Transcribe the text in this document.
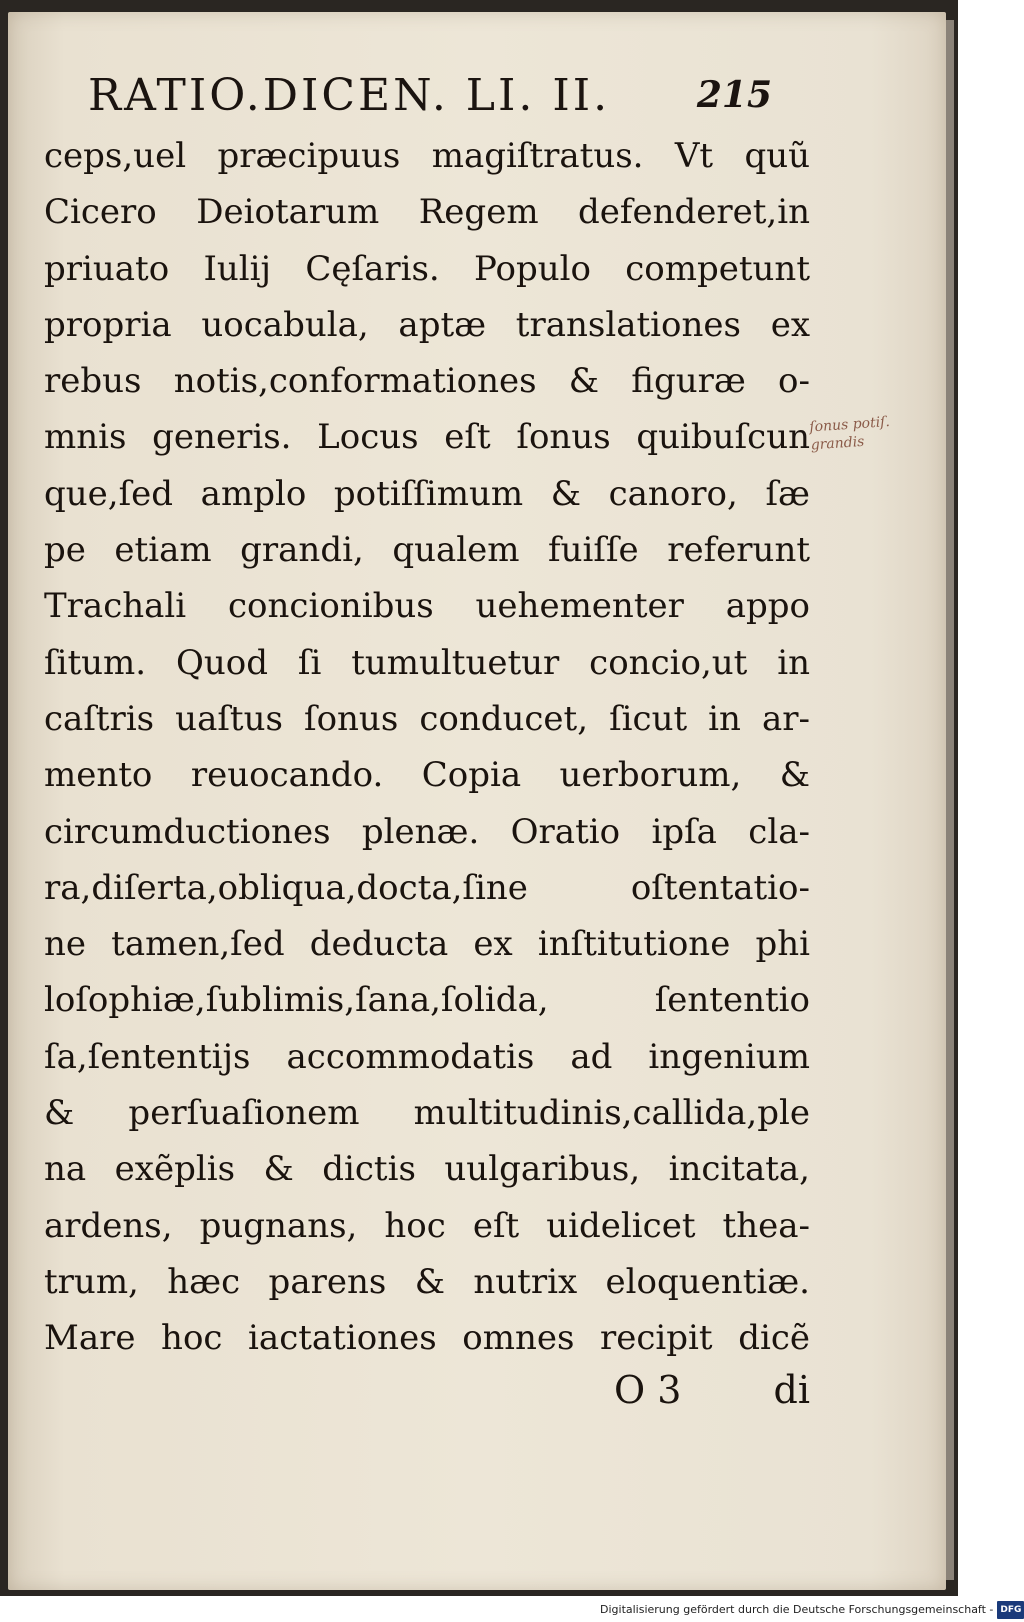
RATIO.DICEN. LI. II. 215
ceps,uel præcipuus magiſtratus. Vt quũ
Cicero Deiotarum Regem defenderet,in
priuato Iulij Cęſaris. Populo competunt
propria uocabula, aptæ translationes ex
rebus notis,conformationes & figuræ o-
mnis generis. Locus eſt ſonus quibuſcun
que,ſed amplo potiſſimum & canoro, ſæ
pe etiam grandi, qualem fuiſſe referunt
Trachali concionibus uehementer appo
ſitum. Quod ſi tumultuetur concio,ut in
caſtris uaſtus ſonus conducet, ſicut in ar-
mento reuocando. Copia uerborum, &
circumductiones plenæ. Oratio ipſa cla-
ra,diſerta,obliqua,docta,ſine oſtentatio-
ne tamen,ſed deducta ex inſtitutione phi
loſophiæ,ſublimis,ſana,ſolida, ſententio
ſa,ſententijs accommodatis ad ingenium
& perſuaſionem multitudinis,callida,ple
na exẽplis & dictis uulgaribus, incitata,
ardens, pugnans, hoc eſt uidelicet thea-
trum, hæc parens & nutrix eloquentiæ.
Mare hoc iactationes omnes recipit dicẽ
ſonus potiſ. grandis
O 3 di
Digitalisierung gefördert durch die Deutsche Forschungsgemeinschaft - DFG
